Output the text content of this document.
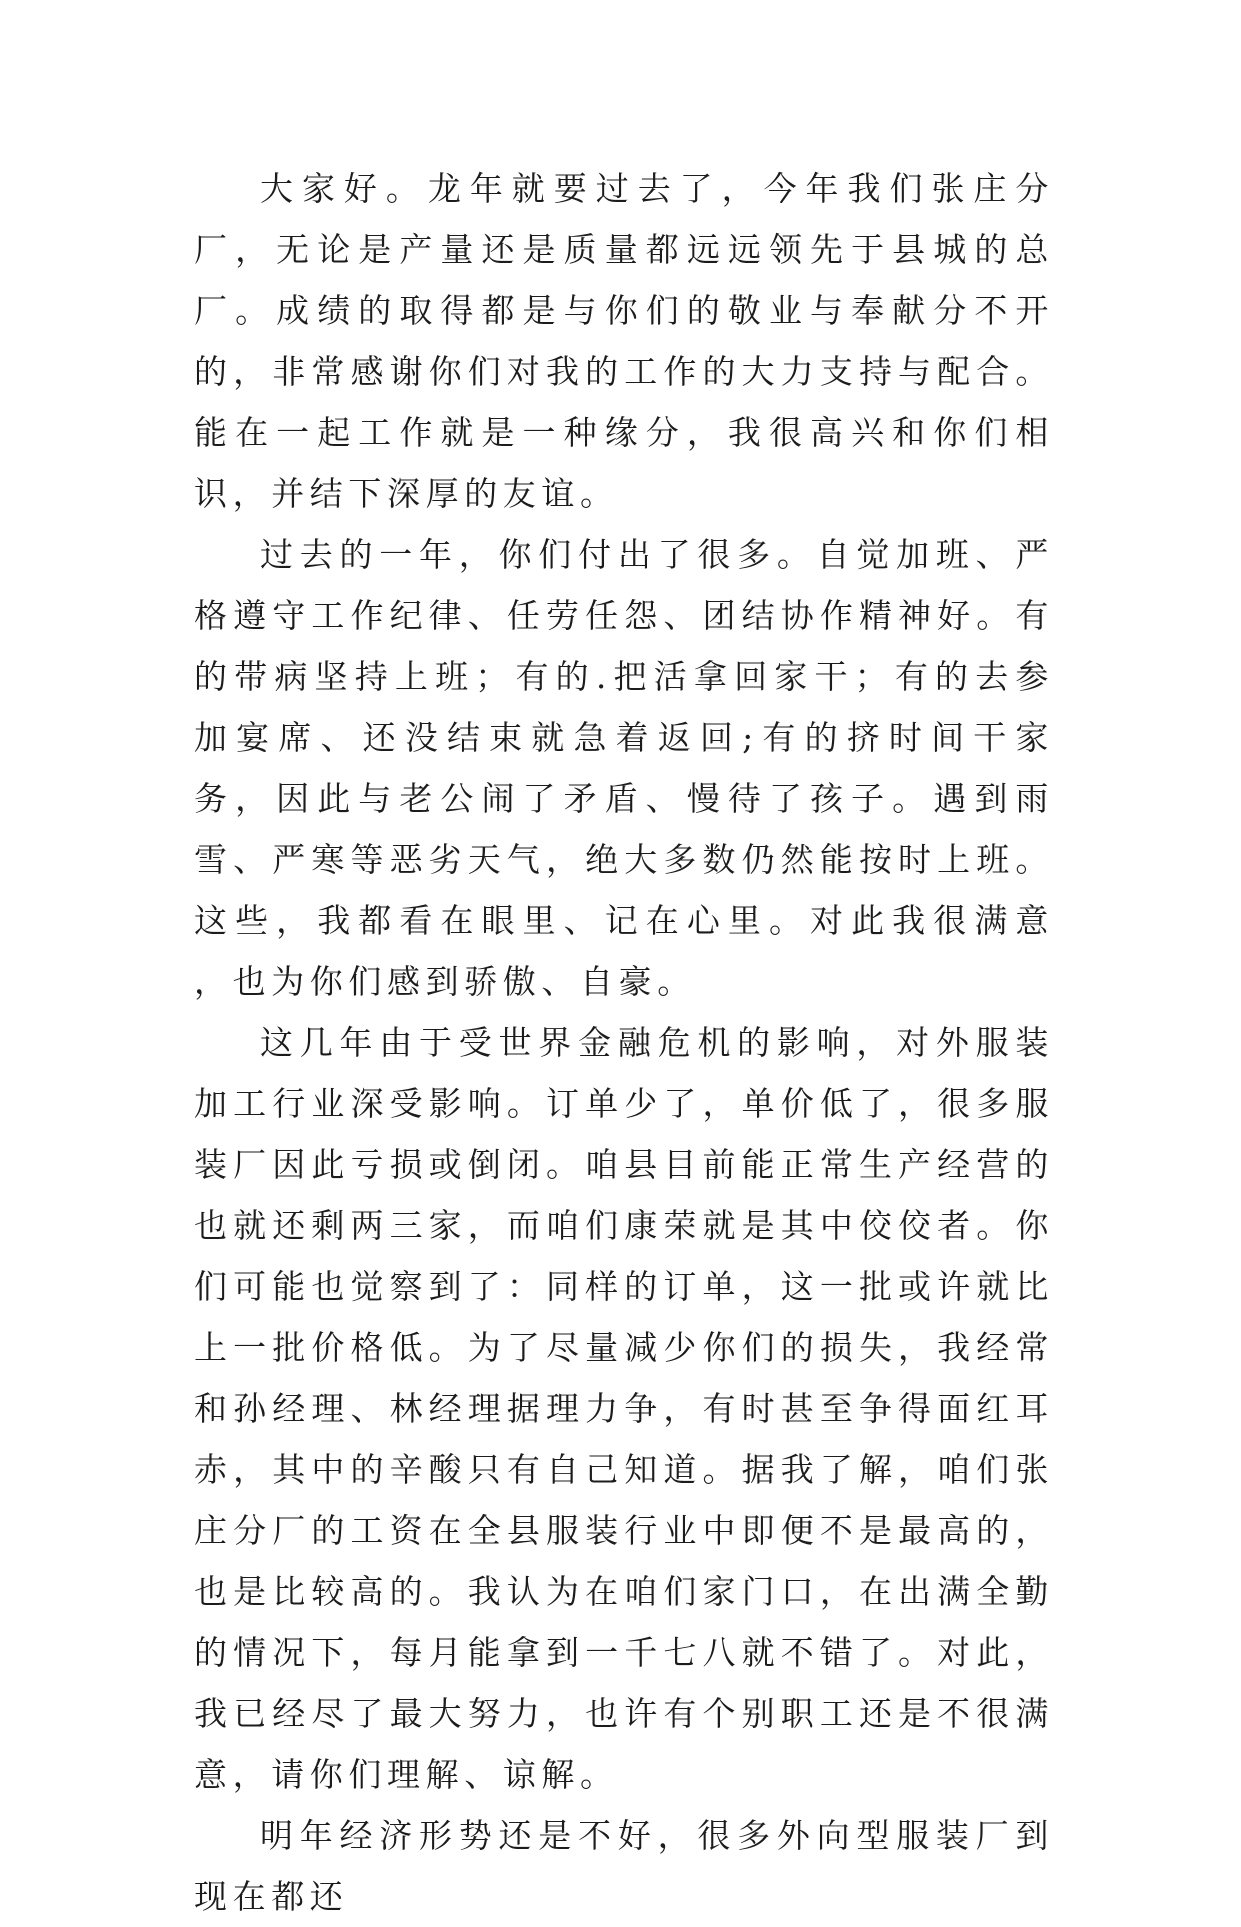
大家好。龙年就要过去了，今年我们张庄分厂，无论是产量还是质量都远远领先于县城的总厂。成绩的取得都是与你们的敬业与奉献分不开的，非常感谢你们对我的工作的大力支持与配合。能在一起工作就是一种缘分，我很高兴和你们相识，并结下深厚的友谊。

过去的一年，你们付出了很多。自觉加班、严格遵守工作纪律、任劳任怨、团结协作精神好。有的带病坚持上班；有的.把活拿回家干；有的去参加宴席、还没结束就急着返回;有的挤时间干家务，因此与老公闹了矛盾、慢待了孩子。遇到雨雪、严寒等恶劣天气，绝大多数仍然能按时上班。这些，我都看在眼里、记在心里。对此我很满意 ，也为你们感到骄傲、自豪。

这几年由于受世界金融危机的影响，对外服装加工行业深受影响。订单少了，单价低了，很多服装厂因此亏损或倒闭。咱县目前能正常生产经营的也就还剩两三家，而咱们康荣就是其中佼佼者。你们可能也觉察到了：同样的订单，这一批或许就比上一批价格低。为了尽量减少你们的损失，我经常和孙经理、林经理据理力争，有时甚至争得面红耳赤，其中的辛酸只有自己知道。据我了解，咱们张庄分厂的工资在全县服装行业中即便不是最高的，也是比较高的。我认为在咱们家门口，在出满全勤的情况下，每月能拿到一千七八就不错了。对此，我已经尽了最大努力，也许有个别职工还是不很满意，请你们理解、谅解。

明年经济形势还是不好，很多外向型服装厂到现在都还
